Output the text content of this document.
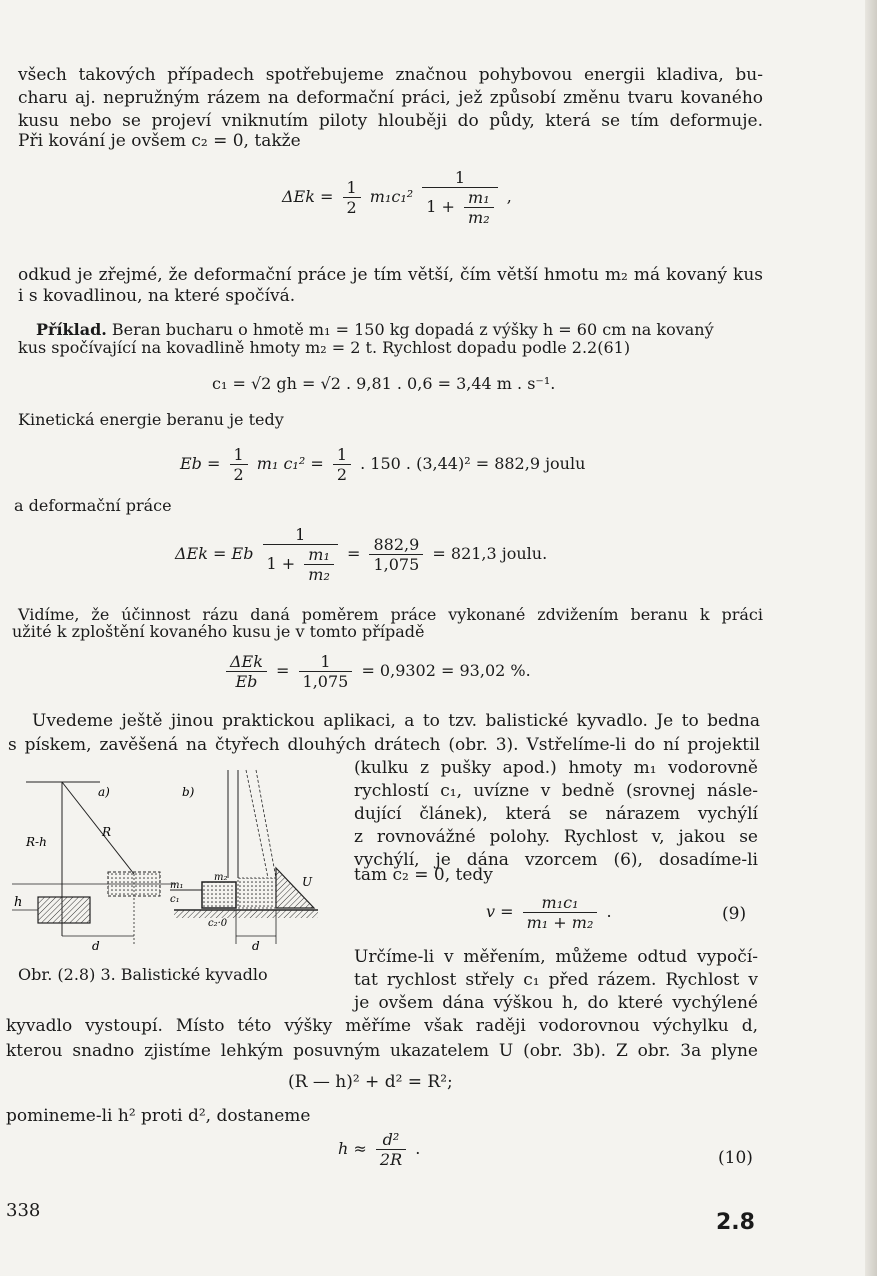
všech takových případech spotřebujeme značnou pohybovou energii kladiva, bu-
charu aj. nepružným rázem na deformační práci, jež způsobí změnu tvaru kovaného
kusu nebo se projeví vniknutím piloty hlouběji do půdy, která se tím deformuje.
Při kování je ovšem c₂ = 0, takže
$\Delta Ek = \frac{1}{2} m_1c_1^2 \frac{1}{1 + \frac{\text{m₁}}{\text{m₂}}}$ ,
odkud je zřejmé, že deformační práce je tím větší, čím větší hmotu m₂ má kovaný kus
i s kovadlinou, na které spočívá.
Příklad. Beran bucharu o hmotě m₁ = 150 kg dopadá z výšky h = 60 cm na kovaný
kus spočívající na kovadlině hmoty m₂ = 2 t. Rychlost dopadu podle 2.2(61)
c₁ = √2 gh = √2 . 9,81 . 0,6 = 3,44 m . s⁻¹.
Kinetická energie beranu je tedy
$Eb = \frac{1}{2} m_1$ $c_1^2 = \frac{1}{2}$ . 150 . (3,44)² = 882,9 joulu
a deformační práce
ΔEk = Eb $\frac{1}{1 + \frac{\text{m₁}}{\text{m₂}}} = \frac{882,9}{1,075} = 821,3$ joulu.
Vidíme, že účinnost rázu daná poměrem práce vykonané zdvižením beranu k práci
užité k zploštění kovaného kusu je v tomto případě
$\frac{\text{ΔEk}}{Eb} = \frac{1}{1,075} = 0,9302 = 93,02$ %.
Uvedeme ještě jinou praktickou aplikaci, a to tzv. balistické kyvadlo. Je to bedna
s pískem, zavěšená na čtyřech dlouhých drátech (obr. 3). Vstřelíme-li do ní projektil
(kulku z pušky apod.) hmoty m₁ vodorovně
rychlostí c₁, uvízne v bedně (srovnej násle-
dující článek), která se nárazem vychýlí
z rovnovážné polohy. Rychlost v, jakou se
vychýlí, je dána vzorcem (6), dosadíme-li
tam c₂ = 0, tedy
$v = \frac{\text{m₁c₁}}{\text{m₁ + m₂}}$ .	(9)
Určíme-li v měřením, můžeme odtud vypočí-
tat rychlost střely c₁ před rázem. Rychlost v
je ovšem dána výškou h, do které vychýlené
kyvadlo vystoupí. Místo této výšky měříme však raději vodorovnou výchylku d,
kterou snadno zjistíme lehkým posuvným ukazatelem U (obr. 3b). Z obr. 3a plyne
(R — h)² + d² = R²;
pomineme-li h² proti d², dostaneme
$h \approx \frac{\text{d²}}{2R}$ .	(10)
a)
R-h
R
h
d
b)
m₂
m₁
c₁
c₂·0
d
U
Obr. (2.8) 3. Balistické kyvadlo
338	2.8
